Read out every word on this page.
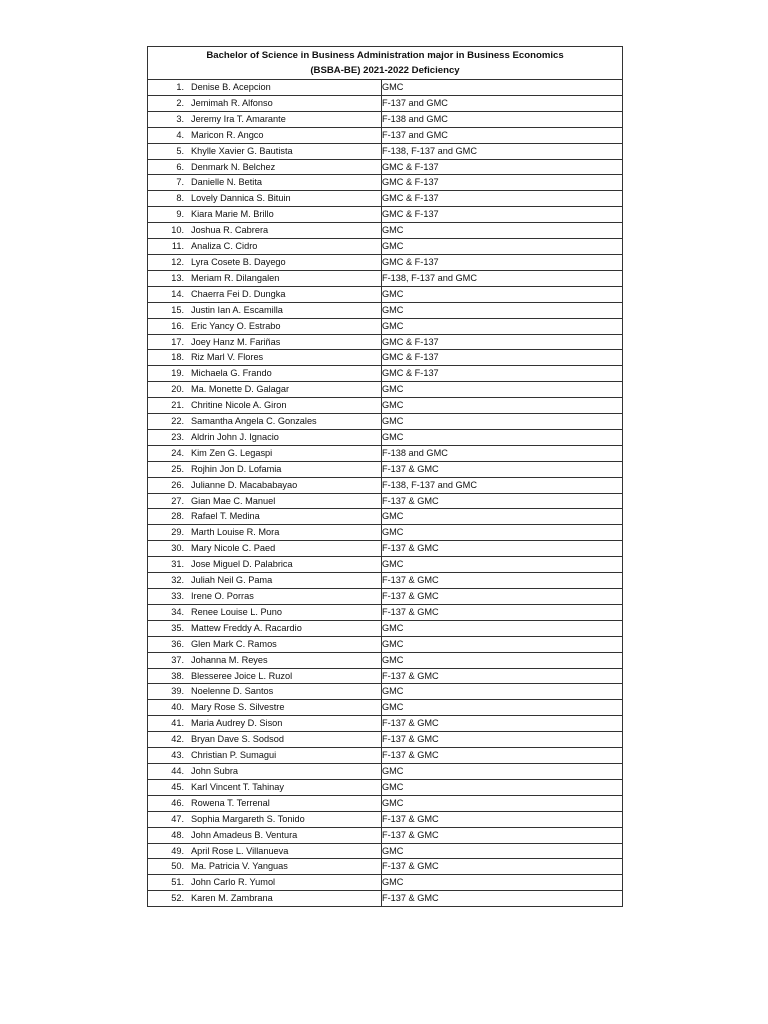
Bachelor of Science in Business Administration major in Business Economics
(BSBA-BE) 2021-2022 Deficiency	

1. Denise B. Acepcion	GMC
2. Jemimah R. Alfonso	F-137 and GMC
3. Jeremy Ira T. Amarante	F-138 and GMC
4. Maricon R. Angco	F-137 and GMC
5. Khylle Xavier G. Bautista	F-138, F-137 and GMC
6. Denmark N. Belchez	GMC & F-137
7. Danielle N. Betita	GMC & F-137
8. Lovely Dannica S. Bituin	GMC & F-137
9. Kiara Marie M. Brillo	GMC & F-137
10. Joshua R. Cabrera	GMC
11. Analiza C. Cidro	GMC
12. Lyra Cosete B. Dayego	GMC & F-137
13. Meriam R. Dilangalen	F-138, F-137 and GMC
14. Chaerra Fei D. Dungka	GMC
15. Justin Ian A. Escamilla	GMC
16. Eric Yancy O. Estrabo	GMC
17. Joey Hanz M. Fariñas	GMC & F-137
18. Riz Marl V. Flores	GMC & F-137
19. Michaela G. Frando	GMC & F-137
20. Ma. Monette D. Galagar	GMC
21. Chritine Nicole A. Giron	GMC
22. Samantha Angela C. Gonzales	GMC
23. Aldrin John J. Ignacio	GMC
24. Kim Zen G. Legaspi	F-138 and GMC
25. Rojhin Jon D. Lofamia	F-137 & GMC
26. Julianne D. Macababayao	F-138, F-137 and GMC
27. Gian Mae C. Manuel	F-137 & GMC
28. Rafael T. Medina	GMC
29. Marth Louise R. Mora	GMC
30. Mary Nicole C. Paed	F-137 & GMC
31. Jose Miguel D. Palabrica	GMC
32. Juliah Neil G. Pama	F-137 & GMC
33. Irene O. Porras	F-137 & GMC
34. Renee Louise L. Puno	F-137 & GMC
35. Mattew Freddy A. Racardio	GMC
36. Glen Mark C. Ramos	GMC
37. Johanna M. Reyes	GMC
38. Blesseree Joice L. Ruzol	F-137 & GMC
39. Noelenne D. Santos	GMC
40. Mary Rose S. Silvestre	GMC
41. Maria Audrey D. Sison	F-137 & GMC
42. Bryan Dave S. Sodsod	F-137 & GMC
43. Christian P. Sumagui	F-137 & GMC
44. John Subra	GMC
45. Karl Vincent T. Tahinay	GMC
46. Rowena T. Terrenal	GMC
47. Sophia Margareth S. Tonido	F-137 & GMC
48. John Amadeus B. Ventura	F-137 & GMC
49. April Rose L. Villanueva	GMC
50. Ma. Patricia V. Yanguas	F-137 & GMC
51. John Carlo R. Yumol	GMC
52. Karen M. Zambrana	F-137 & GMC
